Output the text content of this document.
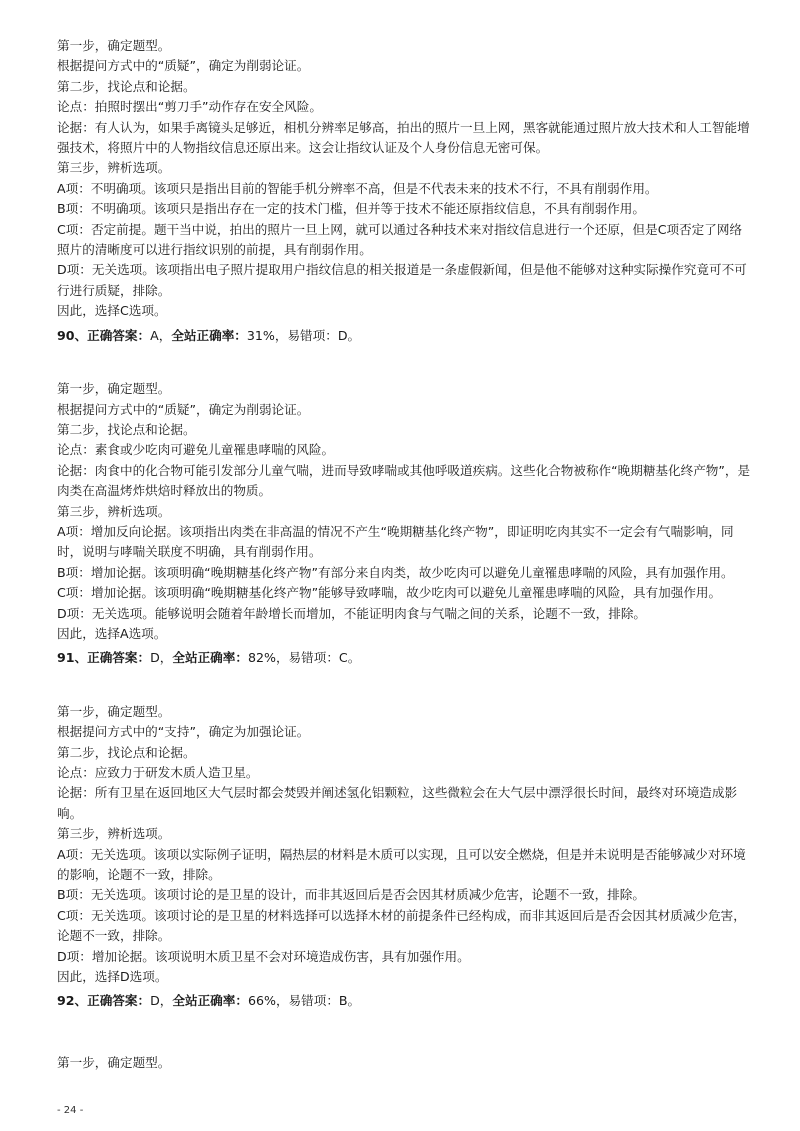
第一步，确定题型。

根据提问方式中的“质疑”，确定为削弱论证。

第二步，找论点和论据。

论点：拍照时摆出“剪刀手”动作存在安全风险。

论据：有人认为，如果手离镜头足够近，相机分辨率足够高，拍出的照片一旦上网，黑客就能通过照片放大技术和人工智能增强技术，将照片中的人物指纹信息还原出来。这会让指纹认证及个人身份信息无密可保。

第三步，辨析选项。

A项：不明确项。该项只是指出目前的智能手机分辨率不高，但是不代表未来的技术不行，不具有削弱作用。

B项：不明确项。该项只是指出存在一定的技术门槛，但并等于技术不能还原指纹信息，不具有削弱作用。

C项：否定前提。题干当中说，拍出的照片一旦上网，就可以通过各种技术来对指纹信息进行一个还原，但是C项否定了网络照片的清晰度可以进行指纹识别的前提，具有削弱作用。

D项：无关选项。该项指出电子照片提取用户指纹信息的相关报道是一条虚假新闻，但是他不能够对这种实际操作究竟可不可行进行质疑，排除。

因此，选择C选项。

90、正确答案：A，全站正确率：31%，易错项：D。

第一步，确定题型。

根据提问方式中的“质疑”，确定为削弱论证。

第二步，找论点和论据。

论点：素食或少吃肉可避免儿童罹患哮喘的风险。

论据：肉食中的化合物可能引发部分儿童气喘，进而导致哮喘或其他呼吸道疾病。这些化合物被称作“晚期糖基化终产物”，是肉类在高温烤炸烘焙时释放出的物质。

第三步，辨析选项。

A项：增加反向论据。该项指出肉类在非高温的情况不产生“晚期糖基化终产物”，即证明吃肉其实不一定会有气喘影响，同时，说明与哮喘关联度不明确，具有削弱作用。

B项：增加论据。该项明确“晚期糖基化终产物”有部分来自肉类，故少吃肉可以避免儿童罹患哮喘的风险，具有加强作用。

C项：增加论据。该项明确“晚期糖基化终产物”能够导致哮喘，故少吃肉可以避免儿童罹患哮喘的风险，具有加强作用。

D项：无关选项。能够说明会随着年龄增长而增加，不能证明肉食与气喘之间的关系，论题不一致，排除。

因此，选择A选项。

91、正确答案：D，全站正确率：82%，易错项：C。

第一步，确定题型。

根据提问方式中的“支持”，确定为加强论证。

第二步，找论点和论据。

论点：应致力于研发木质人造卫星。

论据：所有卫星在返回地区大气层时都会焚毁并阐述氢化铝颗粒，这些微粒会在大气层中漂浮很长时间，最终对环境造成影响。

第三步，辨析选项。

A项：无关选项。该项以实际例子证明，隔热层的材料是木质可以实现，且可以安全燃烧，但是并未说明是否能够减少对环境的影响，论题不一致，排除。

B项：无关选项。该项讨论的是卫星的设计，而非其返回后是否会因其材质减少危害，论题不一致，排除。

C项：无关选项。该项讨论的是卫星的材料选择可以选择木材的前提条件已经构成，而非其返回后是否会因其材质减少危害，论题不一致，排除。

D项：增加论据。该项说明木质卫星不会对环境造成伤害，具有加强作用。

因此，选择D选项。

92、正确答案：D，全站正确率：66%，易错项：B。

第一步，确定题型。

- 24 -
